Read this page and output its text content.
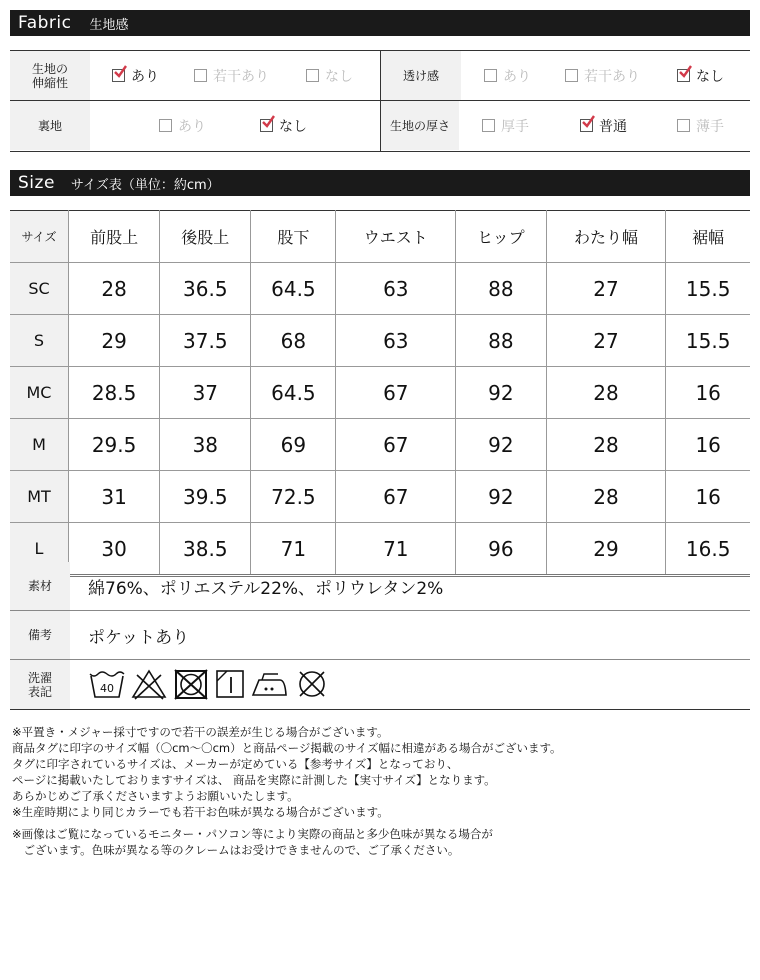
Fabric 生地感
生地の
伸縮性	あり	若干あり	なし	透け感	あり	若干あり	なし
裏地	あり	なし	生地の厚さ	厚手	普通	薄手
Size サイズ表（単位：約cm）
サイズ	前股上	後股上	股下	ウエスト	ヒップ	わたり幅	裾幅
SC	28	36.5	64.5	63	88	27	15.5
S	29	37.5	68	63	88	27	15.5
MC	28.5	37	64.5	67	92	28	16
M	29.5	38	69	67	92	28	16
MT	31	39.5	72.5	67	92	28	16
L	30	38.5	71	71	96	29	16.5
素材	綿76%、ポリエステル22%、ポリウレタン2%
備考	ポケットあり
洗濯
表記	40

※平置き・メジャー採寸ですので若干の誤差が生じる場合がございます。

商品タグに印字のサイズ幅（〇cm〜〇cm）と商品ページ掲載のサイズ幅に相違がある場合がございます。

タグに印字されているサイズは、メーカーが定めている【参考サイズ】となっており、

ページに掲載いたしておりますサイズは、 商品を実際に計測した【実寸サイズ】となります。

あらかじめご了承くださいますようお願いいたします。

※生産時期により同じカラーでも若干お色味が異なる場合がございます。

※画像はご覧になっているモニター・パソコン等により実際の商品と多少色味が異なる場合が

　ございます。色味が異なる等のクレームはお受けできませんので、ご了承ください。
